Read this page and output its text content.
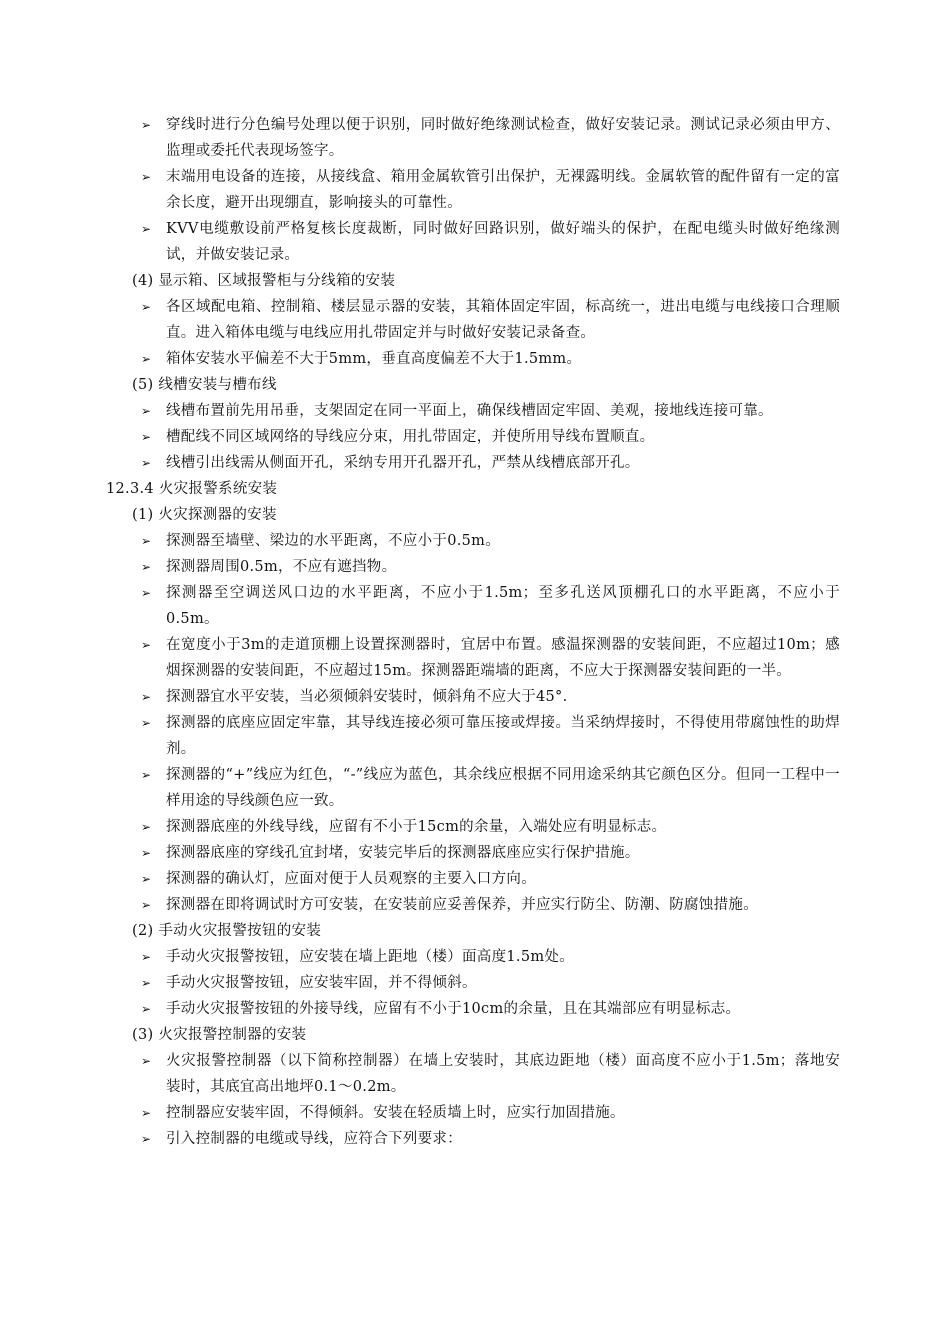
➢ 穿线时进行分色编号处理以便于识别，同时做好绝缘测试检查，做好安装记录。测试记录必须由甲方、监理或委托代表现场签字。
➢ 末端用电设备的连接，从接线盒、箱用金属软管引出保护，无裸露明线。金属软管的配件留有一定的富余长度，避开出现绷直，影响接头的可靠性。
➢ KVV电缆敷设前严格复核长度裁断，同时做好回路识别，做好端头的保护，在配电缆头时做好绝缘测试，并做安装记录。
(4) 显示箱、区域报警柜与分线箱的安装
➢ 各区域配电箱、控制箱、楼层显示器的安装，其箱体固定牢固，标高统一，进出电缆与电线接口合理顺直。进入箱体电缆与电线应用扎带固定并与时做好安装记录备查。
➢ 箱体安装水平偏差不大于5mm，垂直高度偏差不大于1.5mm。
(5) 线槽安装与槽布线
➢ 线槽布置前先用吊垂，支架固定在同一平面上，确保线槽固定牢固、美观，接地线连接可靠。
➢ 槽配线不同区域网络的导线应分束，用扎带固定，并使所用导线布置顺直。
➢ 线槽引出线需从侧面开孔，采纳专用开孔器开孔，严禁从线槽底部开孔。
12.3.4 火灾报警系统安装
(1) 火灾探测器的安装
➢ 探测器至墙壁、梁边的水平距离，不应小于0.5m。
➢ 探测器周围0.5m，不应有遮挡物。
➢ 探测器至空调送风口边的水平距离，不应小于1.5m；至多孔送风顶棚孔口的水平距离，不应小于0.5m。
➢ 在宽度小于3m的走道顶棚上设置探测器时，宜居中布置。感温探测器的安装间距，不应超过10m；感烟探测器的安装间距，不应超过15m。探测器距端墙的距离，不应大于探测器安装间距的一半。
➢ 探测器宜水平安装，当必须倾斜安装时，倾斜角不应大于45°.
➢ 探测器的底座应固定牢靠，其导线连接必须可靠压接或焊接。当采纳焊接时，不得使用带腐蚀性的助焊剂。
➢ 探测器的“+”线应为红色，“-”线应为蓝色，其余线应根据不同用途采纳其它颜色区分。但同一工程中一样用途的导线颜色应一致。
➢ 探测器底座的外线导线，应留有不小于15cm的余量，入端处应有明显标志。
➢ 探测器底座的穿线孔宜封堵，安装完毕后的探测器底座应实行保护措施。
➢ 探测器的确认灯，应面对便于人员观察的主要入口方向。
➢ 探测器在即将调试时方可安装，在安装前应妥善保养，并应实行防尘、防潮、防腐蚀措施。
(2) 手动火灾报警按钮的安装
➢ 手动火灾报警按钮，应安装在墙上距地（楼）面高度1.5m处。
➢ 手动火灾报警按钮，应安装牢固，并不得倾斜。
➢ 手动火灾报警按钮的外接导线，应留有不小于10cm的余量，且在其端部应有明显标志。
(3) 火灾报警控制器的安装
➢ 火灾报警控制器（以下简称控制器）在墙上安装时，其底边距地（楼）面高度不应小于1.5m；落地安装时，其底宜高出地坪0.1～0.2m。
➢ 控制器应安装牢固，不得倾斜。安装在轻质墙上时，应实行加固措施。
➢ 引入控制器的电缆或导线，应符合下列要求：
